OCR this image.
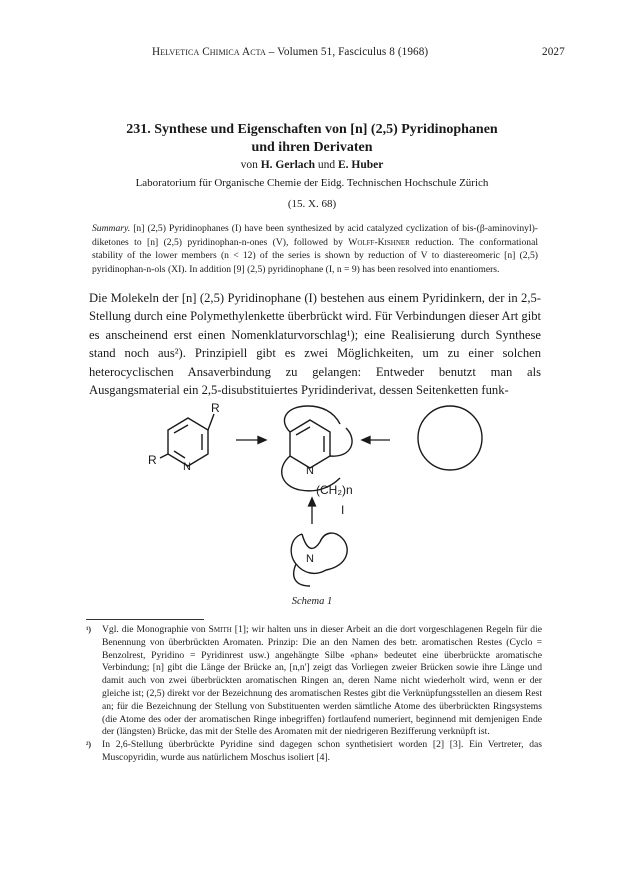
Helvetica Chimica Acta – Volumen 51, Fasciculus 8 (1968)	2027
231. Synthese und Eigenschaften von [n] (2,5) Pyridinophanen
und ihren Derivaten
von H. Gerlach und E. Huber
Laboratorium für Organische Chemie der Eidg. Technischen Hochschule Zürich
(15. X. 68)
Summary. [n] (2,5) Pyridinophanes (I) have been synthesized by acid catalyzed cyclization of bis-(β-aminovinyl)-diketones to [n] (2,5) pyridinophan-n-ones (V), followed by Wolff-Kishner reduction. The conformational stability of the lower members (n < 12) of the series is shown by reduction of V to diastereomeric [n] (2,5) pyridinophan-n-ols (XI). In addition [9] (2,5) pyridinophane (I, n = 9) has been resolved into enantiomers.
Die Molekeln der [n] (2,5) Pyridinophane (I) bestehen aus einem Pyridinkern, der in 2,5-Stellung durch eine Polymethylenkette überbrückt wird. Für Verbindungen dieser Art gibt es anscheinend erst einen Nomenklaturvorschlag¹); eine Realisierung durch Synthese stand noch aus²). Prinzipiell gibt es zwei Möglichkeiten, um zu einer solchen heterocyclischen Ansaverbindung zu gelangen: Entweder benutzt man als Ausgangsmaterial ein 2,5-disubstituiertes Pyridinderivat, dessen Seitenketten funk-
R
R N	N
(CH₂)n
I
N
Schema 1
¹) Vgl. die Monographie von Smith [1]; wir halten uns in dieser Arbeit an die dort vorgeschlagenen Regeln für die Benennung von überbrückten Aromaten. Prinzip: Die an den Namen des betr. aromatischen Restes (Cyclo = Benzolrest, Pyridino = Pyridinrest usw.) angehängte Silbe «phan» bedeutet eine überbrückte aromatische Verbindung; [n] gibt die Länge der Brücke an, [n,n'] zeigt das Vorliegen zweier Brücken sowie ihre Länge und damit auch von zwei überbrückten aromatischen Ringen an, deren Name nicht wiederholt wird, wenn er der gleiche ist; (2,5) direkt vor der Bezeichnung des aromatischen Restes gibt die Verknüpfungsstellen an diesem Rest an; für die Bezeichnung der Stellung von Substituenten werden sämtliche Atome des überbrückten Ringsystems (die Atome des oder der aromatischen Ringe inbegriffen) fortlaufend numeriert, beginnend mit demjenigen Ende der (längsten) Brücke, das mit der Stelle des Aromaten mit der niedrigeren Bezifferung verknüpft ist.
²) In 2,6-Stellung überbrückte Pyridine sind dagegen schon synthetisiert worden [2] [3]. Ein Vertreter, das Muscopyridin, wurde aus natürlichem Moschus isoliert [4].
